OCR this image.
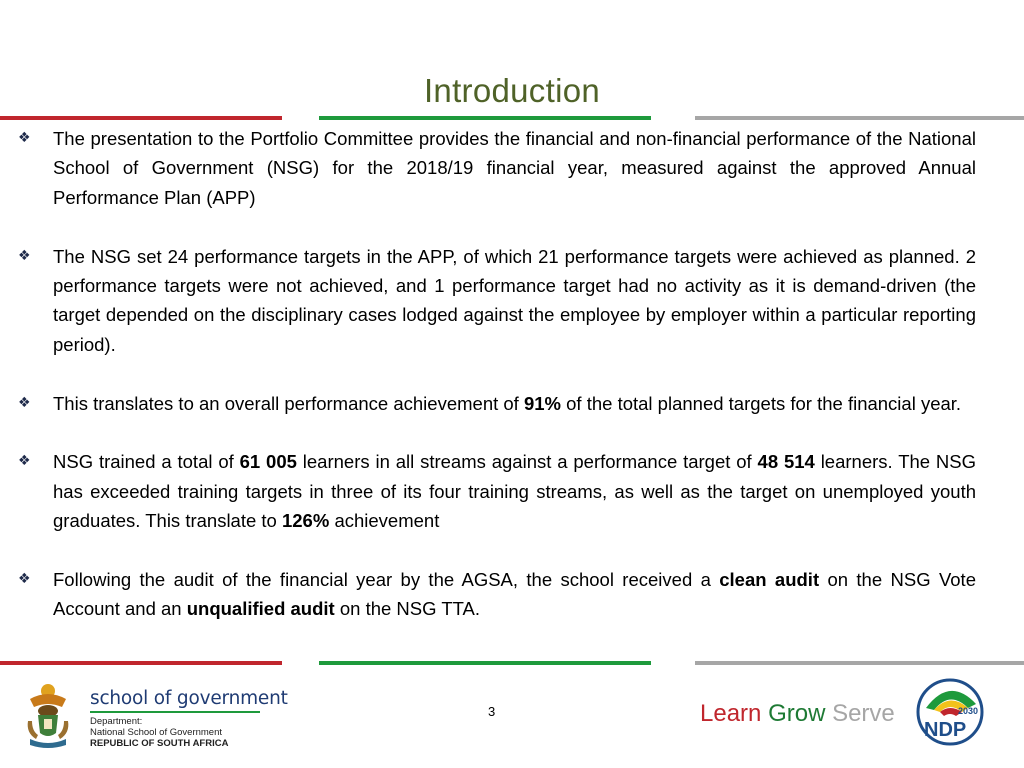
Introduction
❖ The presentation to the Portfolio Committee provides the financial and non-financial performance of the National School of Government (NSG) for the 2018/19 financial year, measured against the approved Annual Performance Plan (APP)
❖ The NSG set 24 performance targets in the APP, of which 21 performance targets were achieved as planned. 2 performance targets were not achieved, and 1 performance target had no activity as it is demand-driven (the target depended on the disciplinary cases lodged against the employee by employer within a particular reporting period).
❖ This translates to an overall performance achievement of 91% of the total planned targets for the financial year.
❖ NSG trained a total of 61 005 learners in all streams against a performance target of 48 514 learners. The NSG has exceeded training targets in three of its four training streams, as well as the target on unemployed youth graduates. This translate to 126% achievement
❖ Following the audit of the financial year by the AGSA, the school received a clean audit on the NSG Vote Account and an unqualified audit on the NSG TTA.
school of government
Department:
National School of Government
REPUBLIC OF SOUTH AFRICA
3	Learn Grow Serve	2030
NDP
